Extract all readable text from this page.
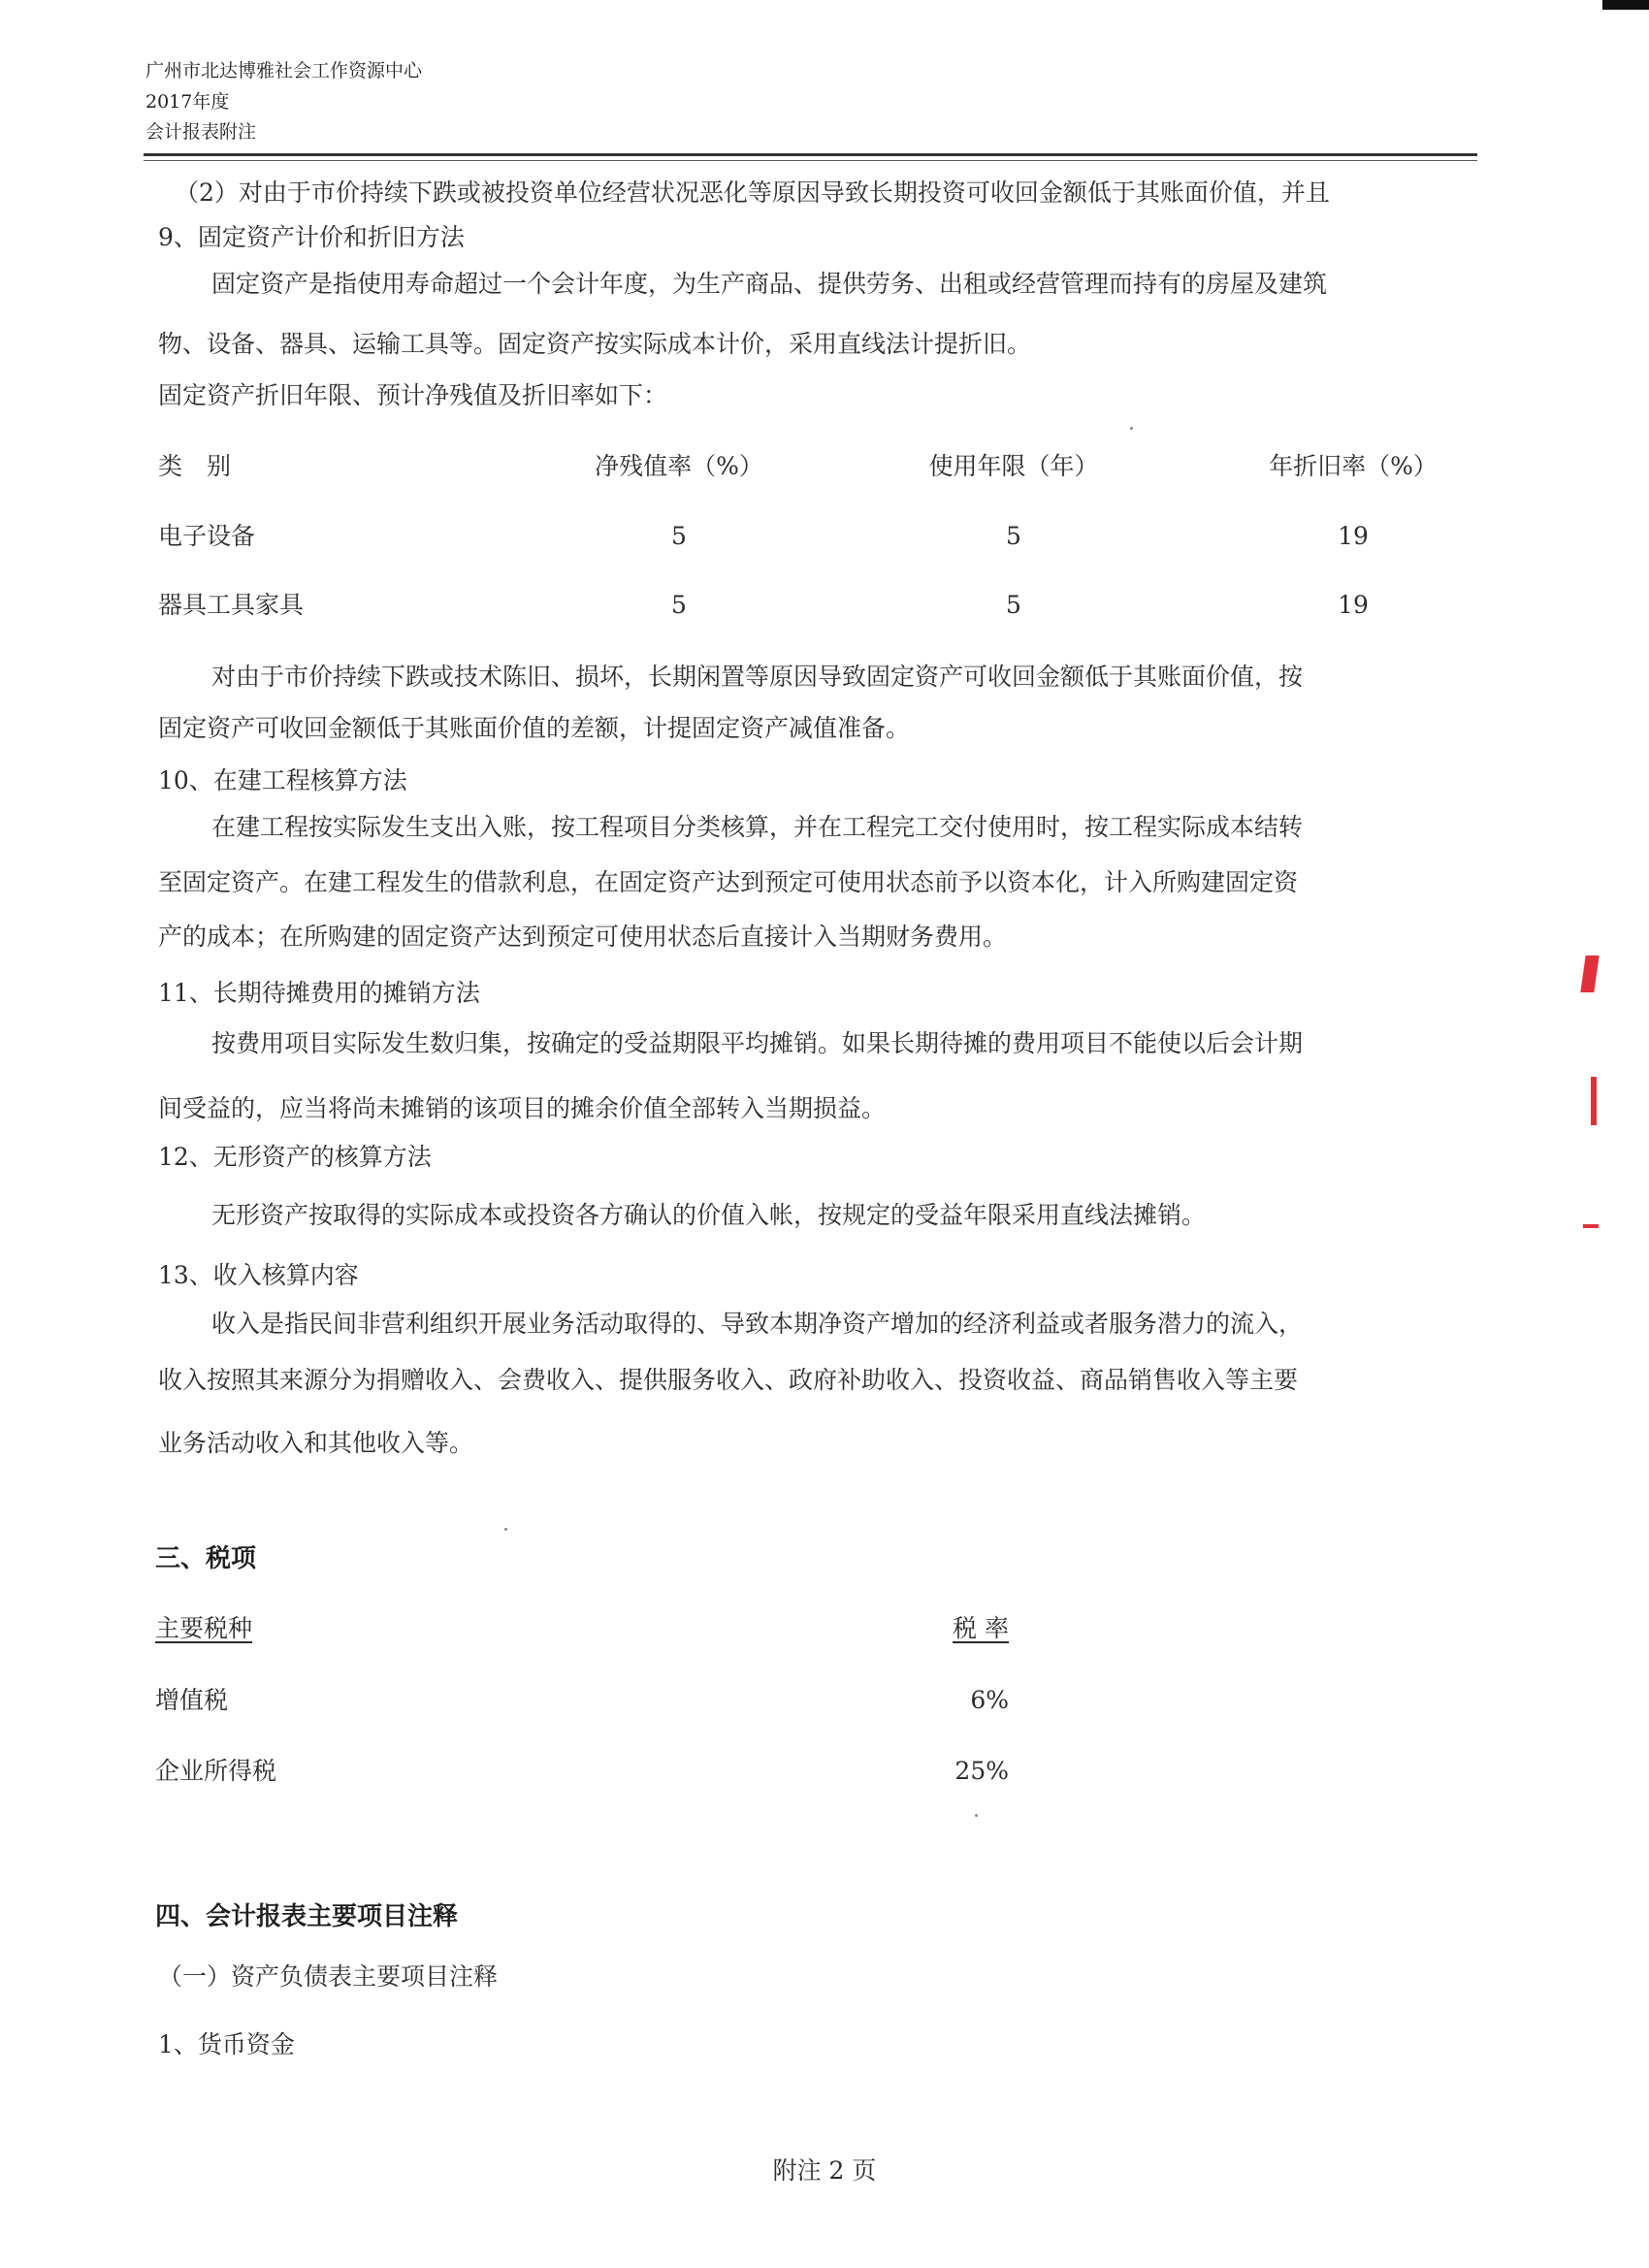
广州市北达博雅社会工作资源中心
2017年度
会计报表附注
（2）对由于市价持续下跌或被投资单位经营状况恶化等原因导致长期投资可收回金额低于其账面价值，并且
9、固定资产计价和折旧方法
固定资产是指使用寿命超过一个会计年度，为生产商品、提供劳务、出租或经营管理而持有的房屋及建筑
物、设备、器具、运输工具等。固定资产按实际成本计价，采用直线法计提折旧。
固定资产折旧年限、预计净残值及折旧率如下：
类　别	净残值率（%）	使用年限（年）	年折旧率（%）
电子设备	5	5	19
器具工具家具	5	5	19
对由于市价持续下跌或技术陈旧、损坏，长期闲置等原因导致固定资产可收回金额低于其账面价值，按
固定资产可收回金额低于其账面价值的差额，计提固定资产减值准备。
10、在建工程核算方法
在建工程按实际发生支出入账，按工程项目分类核算，并在工程完工交付使用时，按工程实际成本结转
至固定资产。在建工程发生的借款利息，在固定资产达到预定可使用状态前予以资本化，计入所购建固定资
产的成本；在所购建的固定资产达到预定可使用状态后直接计入当期财务费用。
11、长期待摊费用的摊销方法
按费用项目实际发生数归集，按确定的受益期限平均摊销。如果长期待摊的费用项目不能使以后会计期
间受益的，应当将尚未摊销的该项目的摊余价值全部转入当期损益。
12、无形资产的核算方法
无形资产按取得的实际成本或投资各方确认的价值入帐，按规定的受益年限采用直线法摊销。
13、收入核算内容
收入是指民间非营利组织开展业务活动取得的、导致本期净资产增加的经济利益或者服务潜力的流入，
收入按照其来源分为捐赠收入、会费收入、提供服务收入、政府补助收入、投资收益、商品销售收入等主要
业务活动收入和其他收入等。
三、税项
主要税种	税 率
增值税	6%
企业所得税	25%
四、会计报表主要项目注释
（一）资产负债表主要项目注释
1、货币资金
附注 2 页
